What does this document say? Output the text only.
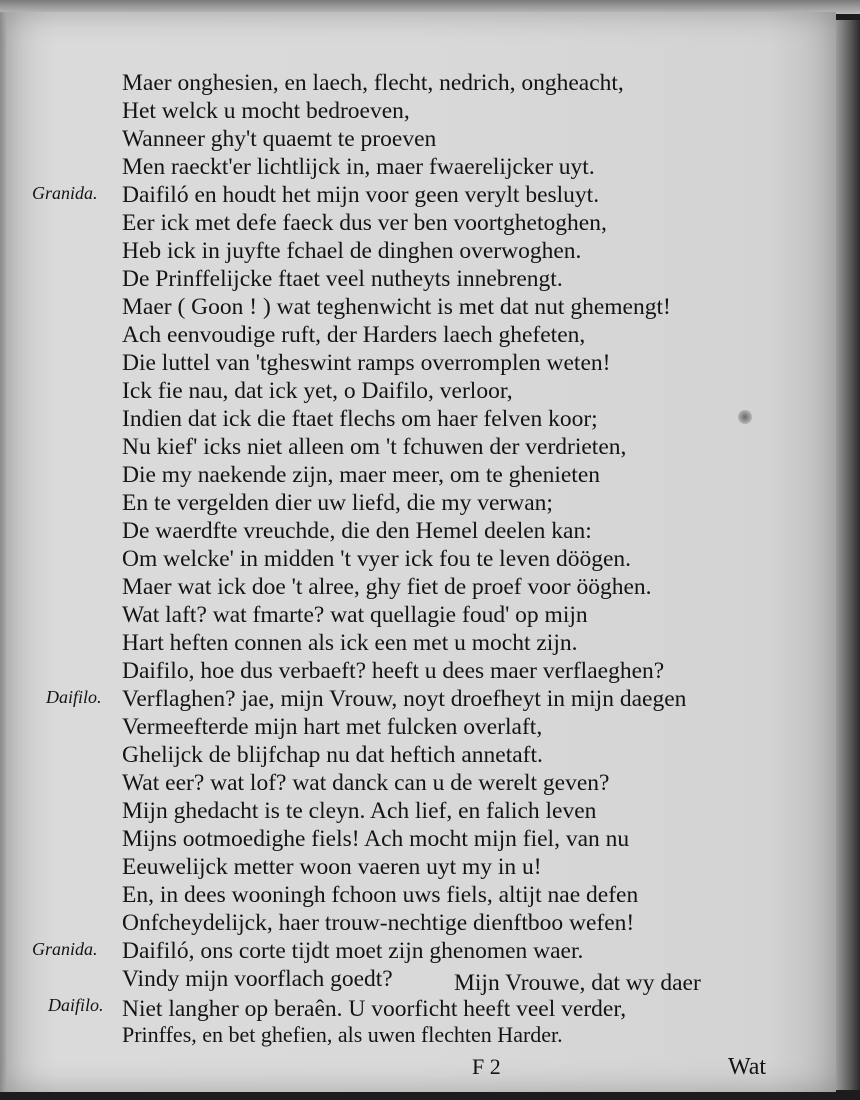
Maer onghesien, en laech, flecht, nedrich, ongheacht,
Het welck u mocht bedroeven,
Wanneer ghy't quaemt te proeven
Men raeckt'er lichtlijck in, maer fwaerelijcker uyt.
Granida. Daifiló en houdt het mijn voor geen verylt besluyt.
Eer ick met defe faeck dus ver ben voortghetoghen,
Heb ick in juyfte fchael de dinghen overwoghen.
De Prinffelijcke ftaet veel nutheyts innebrengt.
Maer ( Goon ! ) wat teghenwicht is met dat nut ghemengt!
Ach eenvoudige ruft, der Harders laech ghefeten,
Die luttel van 'tgheswint ramps overromplen weten!
Ick fie nau, dat ick yet, o Daifilo, verloor,
Indien dat ick die ftaet flechs om haer felven koor;
Nu kief' icks niet alleen om 't fchuwen der verdrieten,
Die my naekende zijn, maer meer, om te ghenieten
En te vergelden dier uw liefd, die my verwan;
De waerdfte vreuchde, die den Hemel deelen kan:
Om welcke' in midden 't vyer ick fou te leven döögen.
Maer wat ick doe 't alree, ghy fiet de proef voor ööghen.
Wat laft? wat fmarte? wat quellagie foud' op mijn
Hart heften connen als ick een met u mocht zijn.
Daifilo, hoe dus verbaeft? heeft u dees maer verflaeghen?
Daifilo. Verflaghen? jae, mijn Vrouw, noyt droefheyt in mijn daegen
Vermeefterde mijn hart met fulcken overlaft,
Ghelijck de blijfchap nu dat heftich annetaft.
Wat eer? wat lof? wat danck can u de werelt geven?
Mijn ghedacht is te cleyn. Ach lief, en falich leven
Mijns ootmoedighe fiels! Ach mocht mijn fiel, van nu
Eeuwelijck metter woon vaeren uyt my in u!
En, in dees wooningh fchoon uws fiels, altijt nae defen
Onfcheydelijck, haer trouw-nechtige dienftboo wefen!
Granida. Daifiló, ons corte tijdt moet zijn ghenomen waer.
Vindy mijn voorflach goedt?
Daifilo.
Mijn Vrouwe, dat wy daer
Niet langher op beraên. U voorficht heeft veel verder,
Prinffes, en bet ghefien, als uwen flechten Harder.
F 2	Wat
